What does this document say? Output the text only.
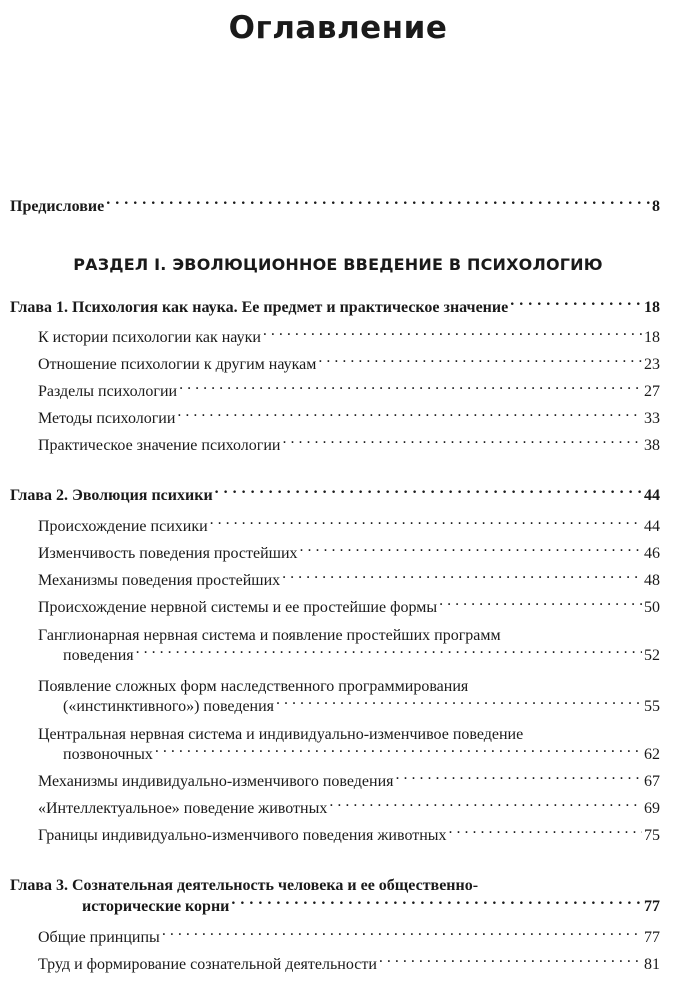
Оглавление
Предисловие . . .	8
РАЗДЕЛ I. ЭВОЛЮЦИОННОЕ ВВЕДЕНИЕ В ПСИХОЛОГИЮ
Глава 1. Психология как наука. Ее предмет и практическое значение . . .	18
К истории психологии как науки . . .	18
Отношение психологии к другим наукам . . .	23
Разделы психологии . . .	27
Методы психологии . . .	33
Практическое значение психологии . . .	38
Глава 2. Эволюция психики . . .	44
Происхождение психики . . .	44
Изменчивость поведения простейших . . .	46
Механизмы поведения простейших . . .	48
Происхождение нервной системы и ее простейшие формы . . .	50
Ганглионарная нервная система и появление простейших программ
поведения . . .	52
Появление сложных форм наследственного программирования
(«инстинктивного») поведения . . .	55
Центральная нервная система и индивидуально-изменчивое поведение
позвоночных . . .	62
Механизмы индивидуально-изменчивого поведения . . .	67
«Интеллектуальное» поведение животных . . .	69
Границы индивидуально-изменчивого поведения животных . . .	75
Глава 3. Сознательная деятельность человека и ее общественно-
исторические корни . . .	77
Общие принципы . . .	77
Труд и формирование сознательной деятельности . . .	81
